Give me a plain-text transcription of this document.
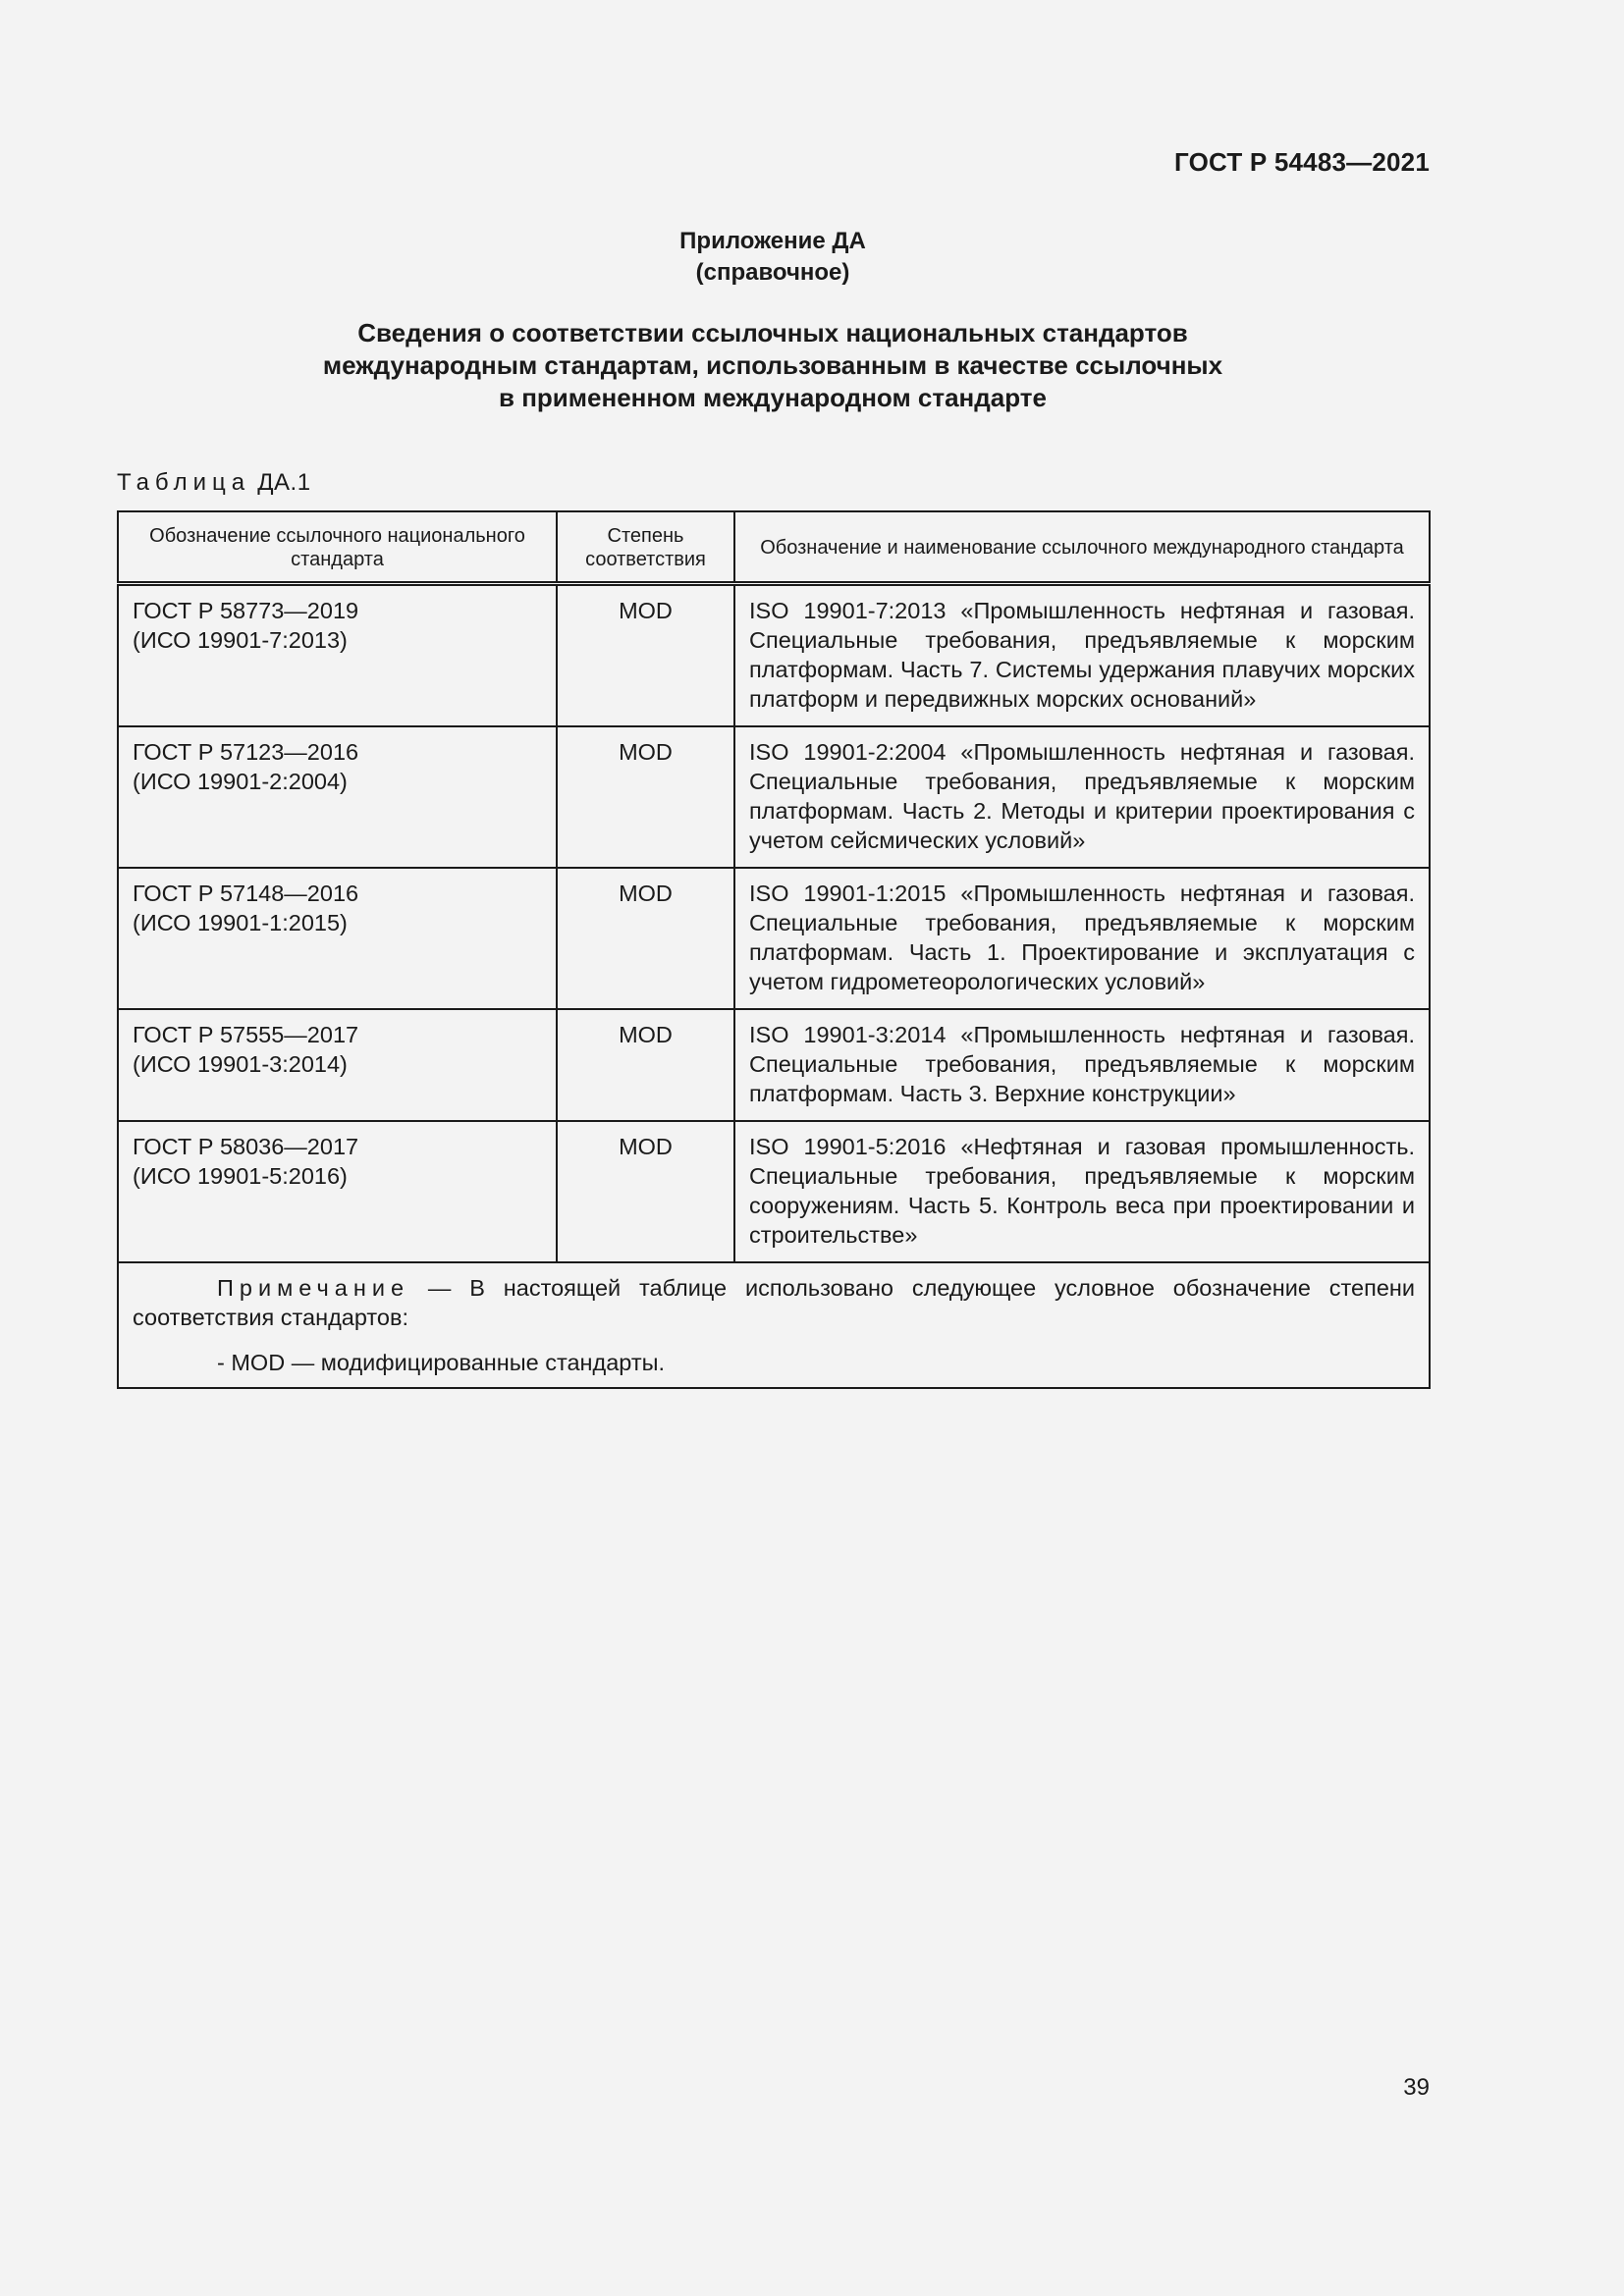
ГОСТ Р 54483—2021
Приложение ДА
(справочное)
Сведения о соответствии ссылочных национальных стандартов
международным стандартам, использованным в качестве ссылочных
в примененном международном стандарте
Таблица ДА.1
Обозначение ссылочного национального стандарта	Степень соответствия	Обозначение и наименование ссылочного международного стандарта

ГОСТ Р 58773—2019
(ИСО 19901-7:2013)	MOD	ISO 19901-7:2013 «Промышленность нефтяная и газовая. Специальные требования, предъявляемые к морским платформам. Часть 7. Системы удержания плавучих морских платформ и передвижных морских оснований»

ГОСТ Р 57123—2016
(ИСО 19901-2:2004)	MOD	ISO 19901-2:2004 «Промышленность нефтяная и газовая. Специальные требования, предъявляемые к морским платформам. Часть 2. Методы и критерии проектирования с учетом сейсмических условий»

ГОСТ Р 57148—2016
(ИСО 19901-1:2015)	MOD	ISO 19901-1:2015 «Промышленность нефтяная и газовая. Специальные требования, предъявляемые к морским платформам. Часть 1. Проектирование и эксплуатация с учетом гидрометеорологических условий»

ГОСТ Р 57555—2017
(ИСО 19901-3:2014)	MOD	ISO 19901-3:2014 «Промышленность нефтяная и газовая. Специальные требования, предъявляемые к морским платформам. Часть 3. Верхние конструкции»

ГОСТ Р 58036—2017
(ИСО 19901-5:2016)	MOD	ISO 19901-5:2016 «Нефтяная и газовая промышленность. Специальные требования, предъявляемые к морским сооружениям. Часть 5. Контроль веса при проектировании и строительстве»

Примечание — В настоящей таблице использовано следующее условное обозначение степени соответствия стандартов:
- MOD — модифицированные стандарты.		
39
